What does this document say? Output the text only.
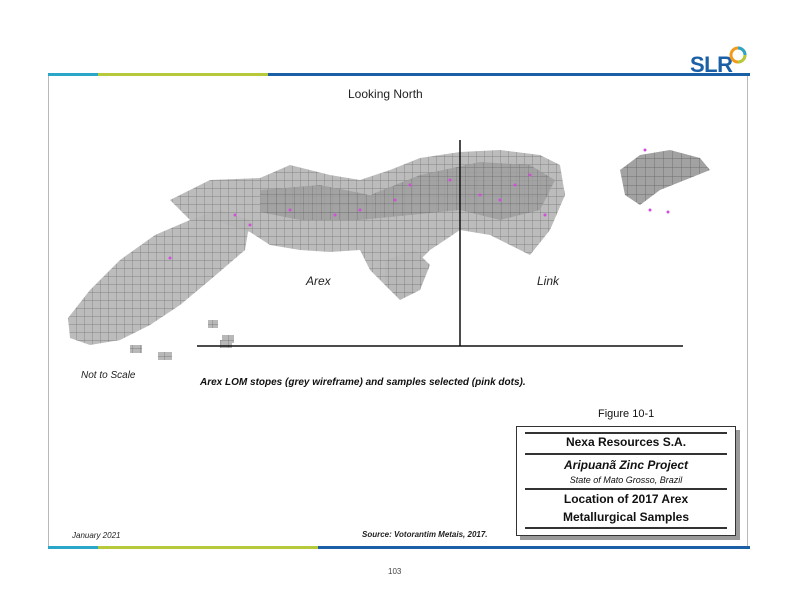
SLR
Looking North
Arex	Link
Not to Scale
Arex LOM stopes (grey wireframe) and samples selected (pink dots).
Figure 10-1
Nexa Resources S.A.
Aripuanã Zinc Project
State of Mato Grosso, Brazil
Location of 2017 Arex
Metallurgical Samples
January 2021	Source: Votorantim Metais, 2017.
103
